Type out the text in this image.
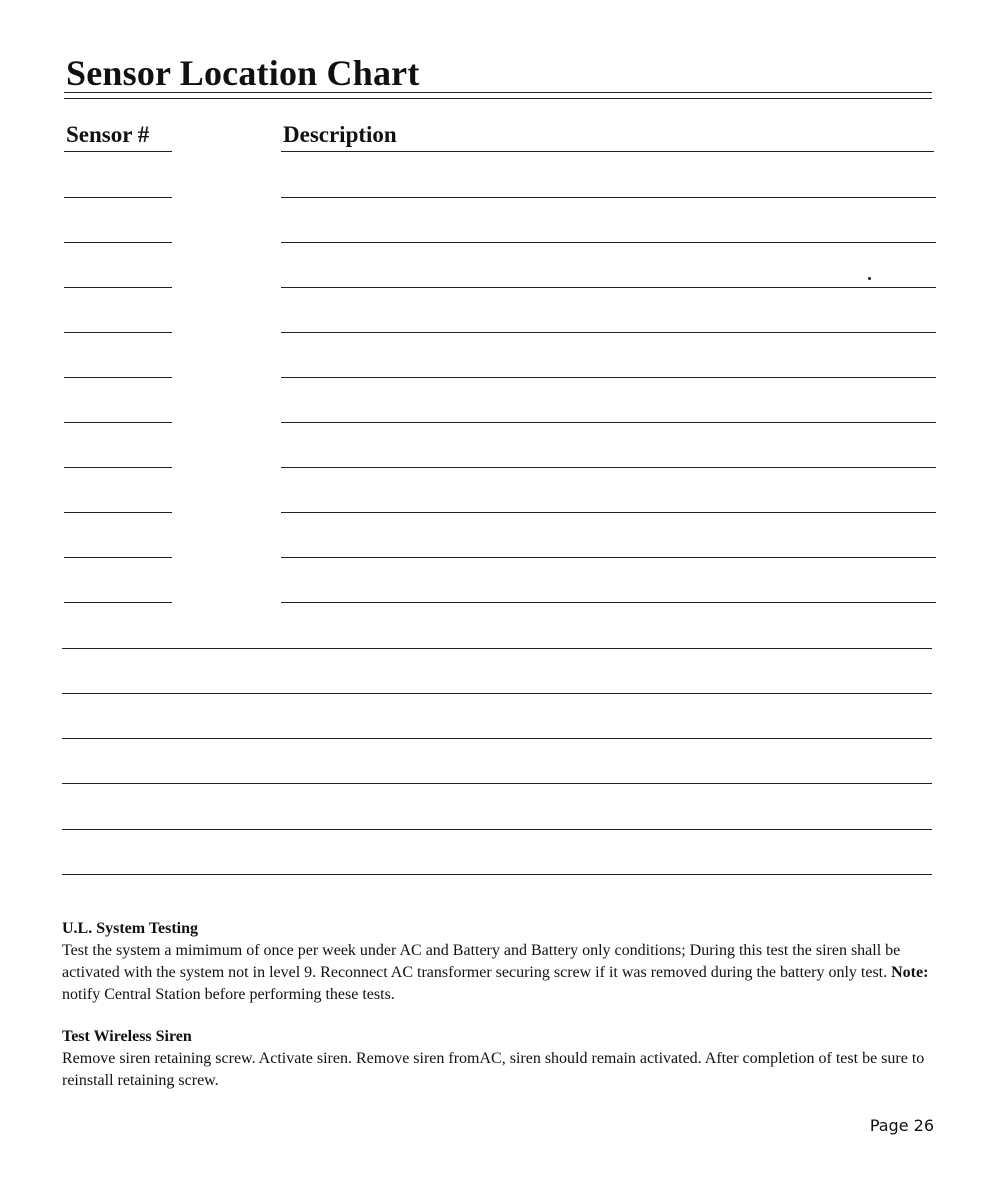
Sensor Location Chart
Sensor #	Description
U.L. System Testing

Test the system a mimimum of once per week under AC and Battery and Battery only conditions; During this test the siren shall be activated with the system not in level 9. Reconnect AC transformer securing screw if it was removed during the battery only test. Note: notify Central Station before performing these tests.

Test Wireless Siren

Remove siren retaining screw. Activate siren. Remove siren fromAC, siren should remain activated. After completion of test be sure to reinstall retaining screw.

Page 26
